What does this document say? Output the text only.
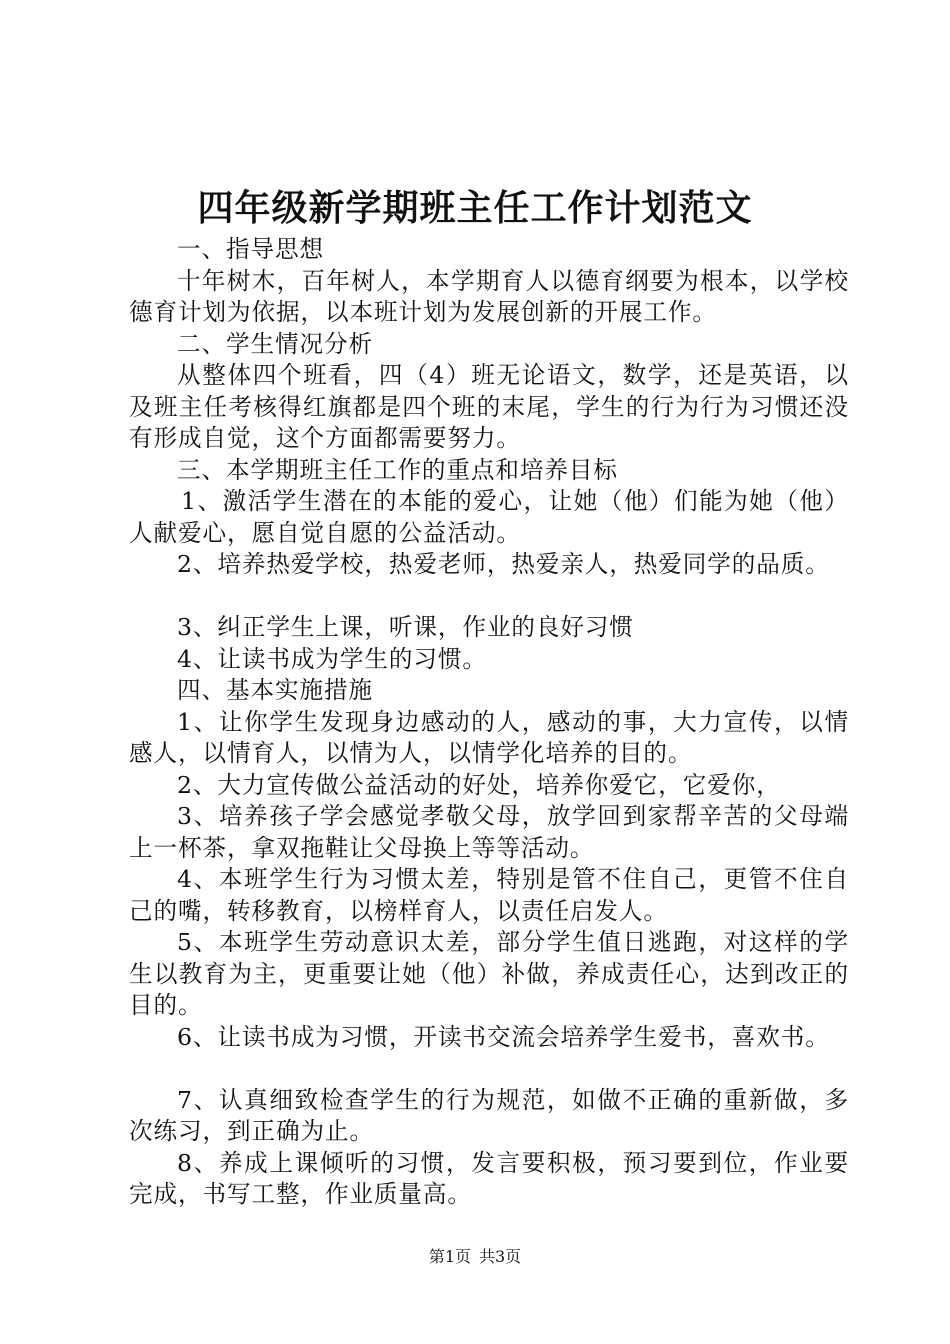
四年级新学期班主任工作计划范文

一、指导思想

十年树木，百年树人，本学期育人以德育纲要为根本，以学校德育计划为依据，以本班计划为发展创新的开展工作。

二、学生情况分析

从整体四个班看，四（4）班无论语文，数学，还是英语，以及班主任考核得红旗都是四个班的末尾，学生的行为行为习惯还没有形成自觉，这个方面都需要努力。

三、本学期班主任工作的重点和培养目标

1、激活学生潜在的本能的爱心，让她（他）们能为她（他）人献爱心，愿自觉自愿的公益活动。

2、培养热爱学校，热爱老师，热爱亲人，热爱同学的品质。

3、纠正学生上课，听课，作业的良好习惯

4、让读书成为学生的习惯。

四、基本实施措施

1、让你学生发现身边感动的人，感动的事，大力宣传，以情感人，以情育人，以情为人，以情学化培养的目的。

2、大力宣传做公益活动的好处，培养你爱它，它爱你，

3、培养孩子学会感觉孝敬父母，放学回到家帮辛苦的父母端上一杯茶，拿双拖鞋让父母换上等等活动。

4、本班学生行为习惯太差，特别是管不住自己，更管不住自己的嘴，转移教育，以榜样育人，以责任启发人。

5、本班学生劳动意识太差，部分学生值日逃跑，对这样的学生以教育为主，更重要让她（他）补做，养成责任心，达到改正的目的。

6、让读书成为习惯，开读书交流会培养学生爱书，喜欢书。

7、认真细致检查学生的行为规范，如做不正确的重新做，多次练习，到正确为止。

8、养成上课倾听的习惯，发言要积极，预习要到位，作业要完成，书写工整，作业质量高。

第1页 共3页
